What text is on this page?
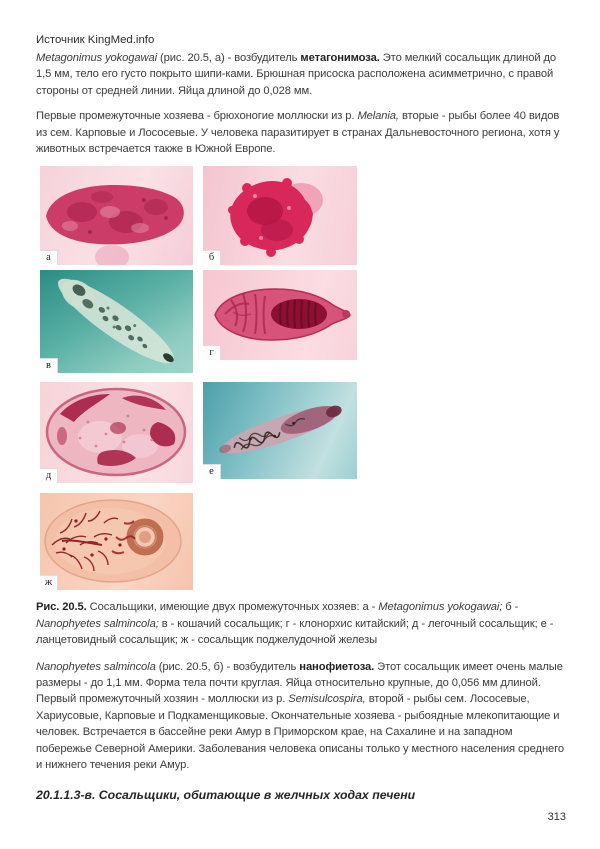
Источник KingMed.info

Metagonimus yokogawai (рис. 20.5, а) - возбудитель метагонимоза. Это мелкий сосальщик длиной до 1,5 мм, тело его густо покрыто шипи-ками. Брюшная присоска расположена асимметрично, с правой стороны от средней линии. Яйца длиной до 0,028 мм.

Первые промежуточные хозяева - брюхоногие моллюски из р. Melania, вторые - рыбы более 40 видов из сем. Карповые и Лососевые. У человека паразитирует в странах Дальневосточного региона, хотя у животных встречается также в Южной Европе.

а	б
в
г
д	е
ж

Рис. 20.5. Сосальщики, имеющие двух промежуточных хозяев: а - Metagonimus yokogawai; б - Nanophyetes salmincola; в - кошачий сосальщик; г - клонорхис китайский; д - легочный сосальщик; е - ланцетовидный сосальщик; ж - сосальщик поджелудочной железы

Nanophyetes salmincola (рис. 20.5, б) - возбудитель нанофиетоза. Этот сосальщик имеет очень малые размеры - до 1,1 мм. Форма тела почти круглая. Яйца относительно крупные, до 0,056 мм длиной. Первый промежуточный хозяин - моллюски из р. Semisulcospira, второй - рыбы сем. Лососевые, Хариусовые, Карповые и Подкаменщиковые. Окончательные хозяева - рыбоядные млекопитающие и человек. Встречается в бассейне реки Амур в Приморском крае, на Сахалине и на западном побережье Северной Америки. Заболевания человека описаны только у местного населения среднего и нижнего течения реки Амур.

20.1.1.3-в. Сосальщики, обитающие в желчных ходах печени
313
